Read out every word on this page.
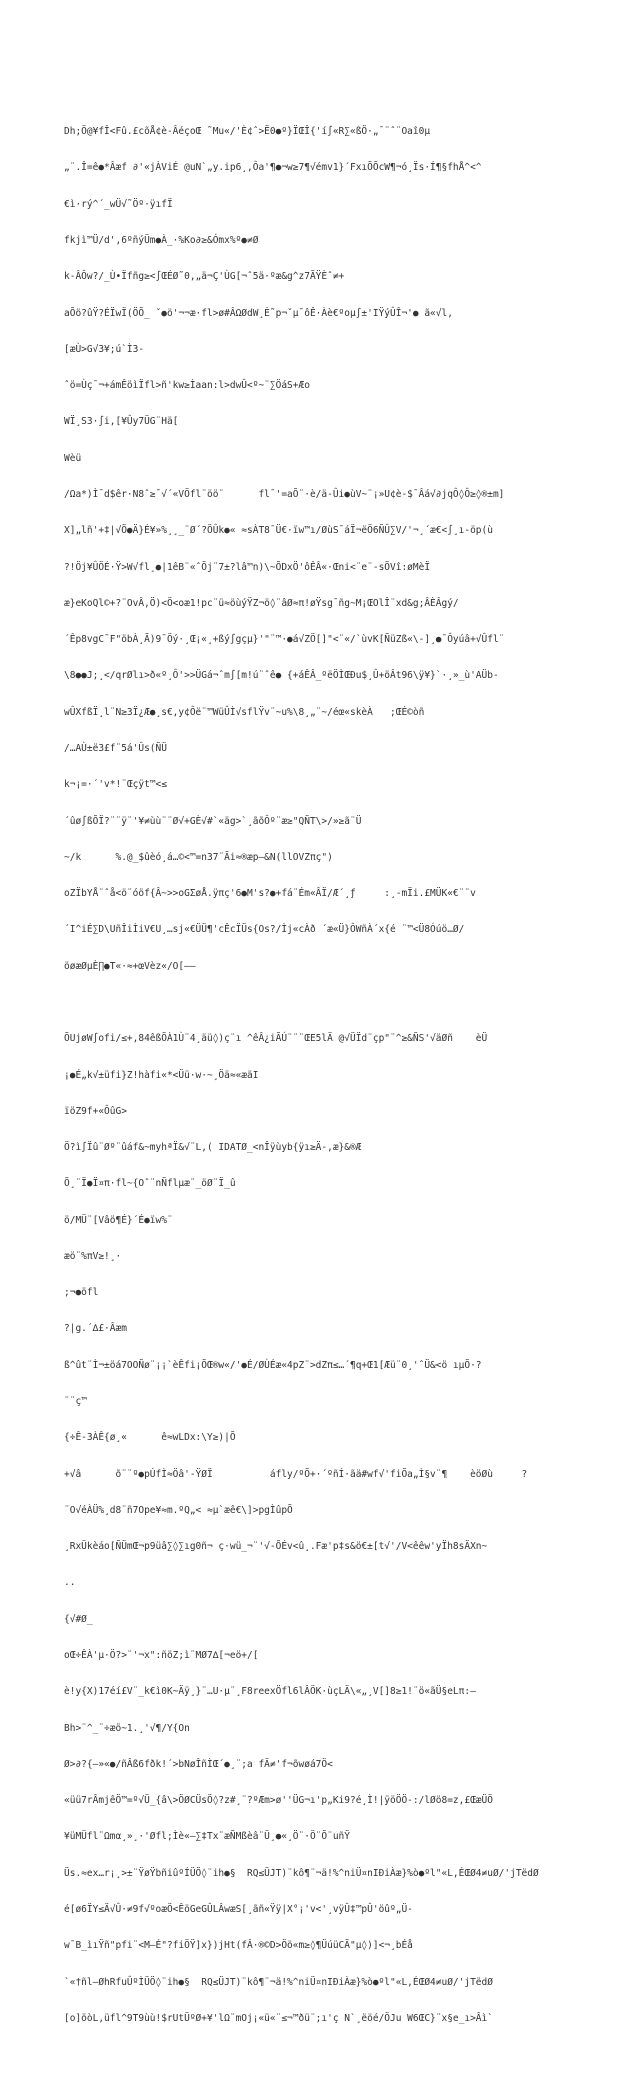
Dh;Ö@¥fÎ<Fû.£cõÅ¢è-ÂéçoŒ ˜Mu«/'È¢ˆ>Ë0●º}ÏŒÎ{'í∫«R∑«ßÖ·„¯¨ˆ¨Oaî0µ

„¨.Î=ê●*Âæf ∂'«jÀViÉ @uN`„y.ip6¸,Ôa'¶●¬w≥7¶√émv1}´FxıÕÕcW¶¬ó¸Ïs·Í¶§fhÅ^<^

€ì·rý^´_wÜ√˜Öº·ÿıfÏ

fkjì™Ü/d',6ºñýÜm●À_·%Ko∂≥&Ómx%º●≠Ø

k-ÂÔw?/_Ù•Ïfñg≥<∫ŒÉØ˜0,„ä¬Ç'ÙG[¬ˆ5ä·ºæ&g^z7ÃŸÈˆ≠+

aÕö?ûŸ?ÉÏwÏ(ÖÕ_ ˇ●ö'¬¬æ·fl>ø#ÂΩØdW¸Ė˜p¬ˇµ¯ôÊ·Àè€ºoµ∫±'IŸýÛÎ¬'● ã«√l,

[æÙ>G√3¥;ú`Ì3-

ˆö=Ùç¯¬+ámÊöìÏfl>ñ'kw≥Ìaan:l>dwÛ<º~¨∑ÖáS+Æo

WÏ¸S3·∫i,[¥Ûy7ÜG¨Hä[

Wèü

/Ωa*)Ì¯d$êr·N8ˆ≥¯√´«VÖfl¨öö¨      fl¯'=aÕ¨·è/ä-Ûi●ùV~¨¡»U¢è-$¯Âá√∂jqÔ◊Ô≥◊®±m]

X]„lñ'+‡|√Õ●Ä}É¥»%¸¸_¨Ø´?ÖÛk●« ≈sÀT8¯Ü€·ïw™ı/ØùS¯áÏ¬ëÖ6ÑÛ∑V/'¬¸´æ€<∫¸ı-öp(ù

?!Öj¥ÛÖÉ·Ÿ>W√fl¸●|1êB¨«ˆÕj¨7±?lâ™n)\~ÕDxÖ'ôÊÂ«·Œni<¨e¨-sÕVî:øMèÏ

æ}eKoQl©+?¨OvÂ,Ö)<Ö<oæ1!pc¨ü≈öùýŸZ¬ö◊¨âØ≈π!øŸsg¯ñg~M¡ŒOlÎ¨xd&g;ÂÈÂgý/

´Êp8vgC¯F"öbÀ¸Ã)9¯Öý·¸Œ¡«¸+ßý∫gçµ}'"¨™·●á√ZÖ[]"<¨«/`ùvK[ÑüZß«\-]¸●¯Ôyúâ+√Ûfl¨

\8●●J;¸<∕qrØlı>ð«º¸Ô'>>ÜGá¬ˆm∫[m!ú¨ˆê● {+áÊÂ_ºëÖÌŒÐu$¸Û+öÂt96\ÿ¥}`·¸»_ù'AÜb-

wÛXfßÏ¸l¨N≥3Ï¿Æ●¸s€,y¢Ôë¨™WüÛÌ√sflŸv¨~u%\8¸„¨~/éœ«skèÀ   ;ŒÉ©òñ

/…AÙ±ë3£f¨5á'Ûs(ÑÜ

k¬¡=·´'v*!¨Œçÿt™<≤

´ûø∫ßÕÏ?¨¨ÿ¨'¥≠ùù¨¨Ø√+GÈ√#`«äg>`¸ãõÔº¨æ≥"QÑT\>/»≥ã¨Ü

~/k      %.@_$ûèó¸á…©<™=n37¨Ãi≈®æp–&N(llOVZπç")

oZÏbYÅ¨ˆå<ö¨óöf{Â~>>oGΣøÅ.ÿπç'6●M's?●+fá¨Ém«ÂÏ/Æ´¸ƒ     :¸-mÏi.£MÜK«€¨¨v

´I^iÉ∑D\UñÎiÌiV€U¸…sj«€ÜÜ¶'cÊcÏÜs{Os?/Ìj«cÀð ´æ«Ü}ÔWñÀ´x{é ¨™<Ü8Óúö…Ø/

öøæØµÈ∏●T«·≈+œVèz«/O[——

ÕUjøW∫ofi/≤+,84êßÕÀ1Ù¨4¸äü◊)ç¨ı ^êÂ¿iÃÚ¨¨¨ŒE5lÄ @√ÜÏd¨çp"¨^≥&ÑS'√äØñ    èÜ

¡●É„k√±üfi}Z!hàfi«*<Üü·w·~¸Öä≈«æäI

ïöZ9f+«ÔûG>

Ö?ì∫Ïû¨Øº¨ûáf&~myhªÏ&√¨L,( IDATØ_<nÎÿùyb{ÿı≥Ä-,æ}&®Æ

Õ¸¨Ï●Ï¤π·fl~{Oˆ¨nÑflµæ¨_öØ¨Ï_û

ö/MÜ¨[Vâö¶É}´É●ïw%¨

æö¨%πV≥!¸·

;¬●öfl

?|g.´∆£·Âæm

ß^ût¨Ì¬±öá7OOÑø¨¡¡`èÊfi¡ÕŒ®w«/'●É/ØÙÉæ«4pZ¨>dZπ≤…´¶q+Œ1[Æü¨0¸'ˆÜ&<ö ıµÕ·?

¨¨ç™

{÷Ê-3ÀÊ{ø¸«      ê≈wLDx:\Y≥)|Õ

+√â      õ¨¨º●pÚfÌ≈Öâ'-ŸØÏ          áfly/ºÕ+·´ºñÍ·ãä#wf√'fiÕa„Ì§v¨¶    èöØù     ?

¨O√éÀÜ%¸d8¨ñ7Ope¥≈m.ºQ„< ≈µ`æê€\]>pgÌûpÕ

¸RxÜkèáo[ÑÜmŒ¬p9üâ∑◊∑ıg0ñ¬ ç·wü_¬¨'√-ÕÉv<û¸.Fæ'p‡s&ö€±[t√'/V<êêw'yÏh8sÄXn~

..

{√#Ø_

oŒ÷ÊÀ'µ·Ö?>¨'¬x":ñöZ;ì¨MØ7∆[¬eö+/[

è!y{X)17éí£V¨_k€ì0K~Äÿ¸}¨…U·µ¨¸F8reexÖfl6lÂÖK·ùçLÄ\«„¸V[]8≥1!¨ö«ãÜ§eLπ:–

Bh>¨^_¨÷æö~1.¸'√¶/Y{On

Ø>∂?{–»«●/ñÂß6fðk!´>bNøÎñÌŒ´●¸¨;a fÄ≠'f¬õwøá7Ö<

«üü7rÂmjêÖ™=º√Ü_{â\>ÖØCÜsÖ◊?z#¸¨?ºÆm>ø''ÜG¬ı'p„Ki9?é¸Ì!|ÿöÖÖ-:/lØö8=z,£ŒæÜÖ

¥üMÜfl¨Ωmα¸»¸·'Øfl;Ìè«—∑‡Tx¨æÑMßèâ¨Ü¸●«¸Ö¨·Ö¨Õ¨uñŸ

Üs.≈ex…r¡¸>±¨ŸøŸbñiûºÍÜÖ◊¨ih●§  RQ≤ÜJT)¨kô¶¨¬ä!%^niÜ¤nIÐiÀæ}%ò●ºl"«L,ÉŒØ4≠uØ/'jTëdØ

é[ø6ÏY≤Ä√Û·≠9f√ºoæÖ<ÊöGeGÛLÂwæS[¸ãñ«Ÿÿ|X°¡'v<'¸vÿÛ‡™pÛ'öûº„Ü-

w¯B_ìıŸñ"pfi¨<M–É"?fiÖŸ]x})jHt(fÂ·®©D>Öö«m≥◊¶ÜúüCÃ"µ◊)]<¬¸bÉå

`«†ñl–ØhRfuÛºÌÜÖ◊¨ih●§  RQ≤ÜJT)¨kô¶¨¬ä!%^niÜ¤nIÐiÀæ}%ò●ºl"«L,ÉŒØ4≠uØ/'jTëdØ

[o]öòL,üfl^9T9ùù!$rUtÜºØ+¥'lΩ¨mOj¡«ü«¨≤¬™ðü¨;ı'ç N`¸ëöé/ÖJu W6ŒC}¨x§e_ı>Âì`
